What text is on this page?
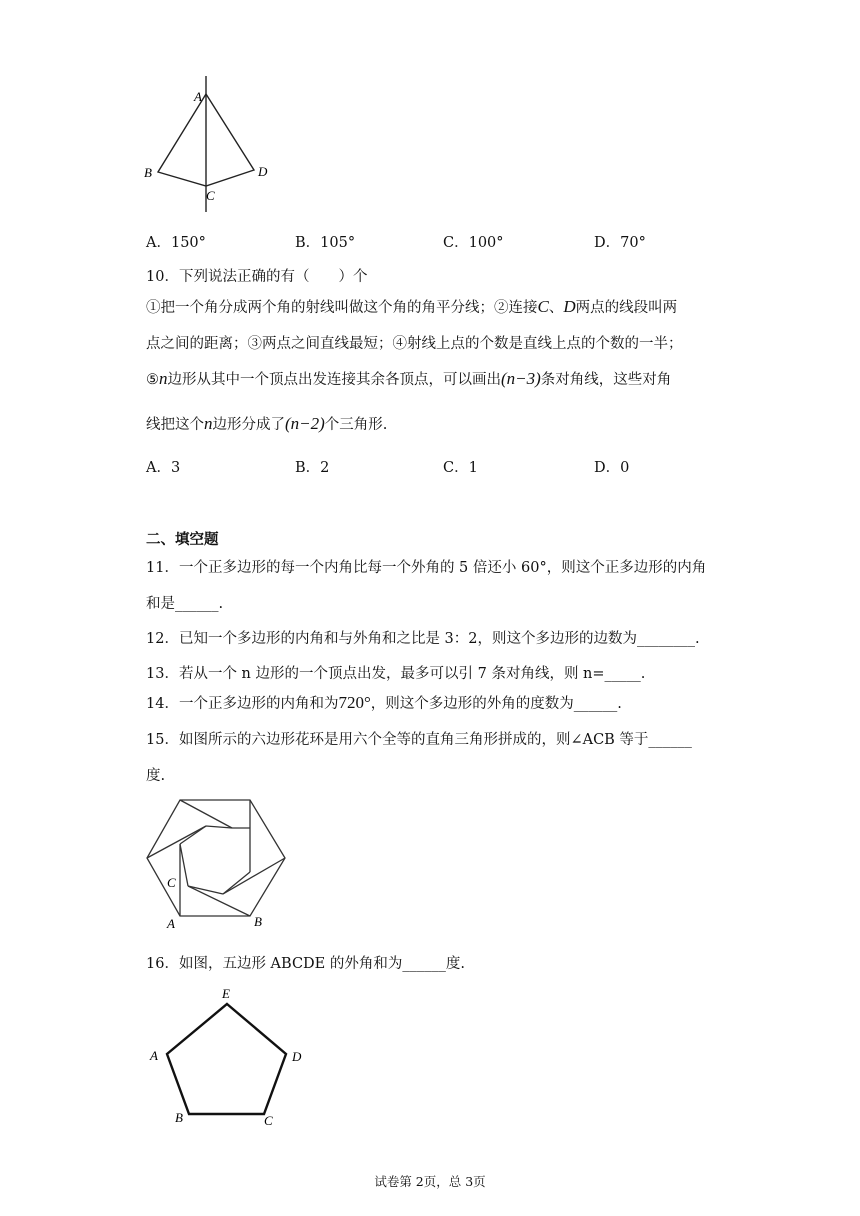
A
B
C
D
A．150°	B．105°	C．100°	D．70°
10．下列说法正确的有（　　）个
①把一个角分成两个角的射线叫做这个角的角平分线；②连接C、D两点的线段叫两
点之间的距离；③两点之间直线最短；④射线上点的个数是直线上点的个数的一半；
⑤n边形从其中一个顶点出发连接其余各顶点，可以画出(n−3)条对角线，这些对角
线把这个n边形分成了(n−2)个三角形.
A．3	B．2	C．1	D．0
二、填空题
11．一个正多边形的每一个内角比每一个外角的 5 倍还小 60°，则这个正多边形的内角
和是______.
12．已知一个多边形的内角和与外角和之比是 3：2，则这个多边形的边数为________.
13．若从一个 n 边形的一个顶点出发，最多可以引 7 条对角线，则 n=_____.
14．一个正多边形的内角和为720°，则这个多边形的外角的度数为______.
15．如图所示的六边形花环是用六个全等的直角三角形拼成的，则∠ACB 等于______
度.
C
A	B
16．如图，五边形 ABCDE 的外角和为______度.
E
A	D
B	C
试卷第 2页，总 3页
